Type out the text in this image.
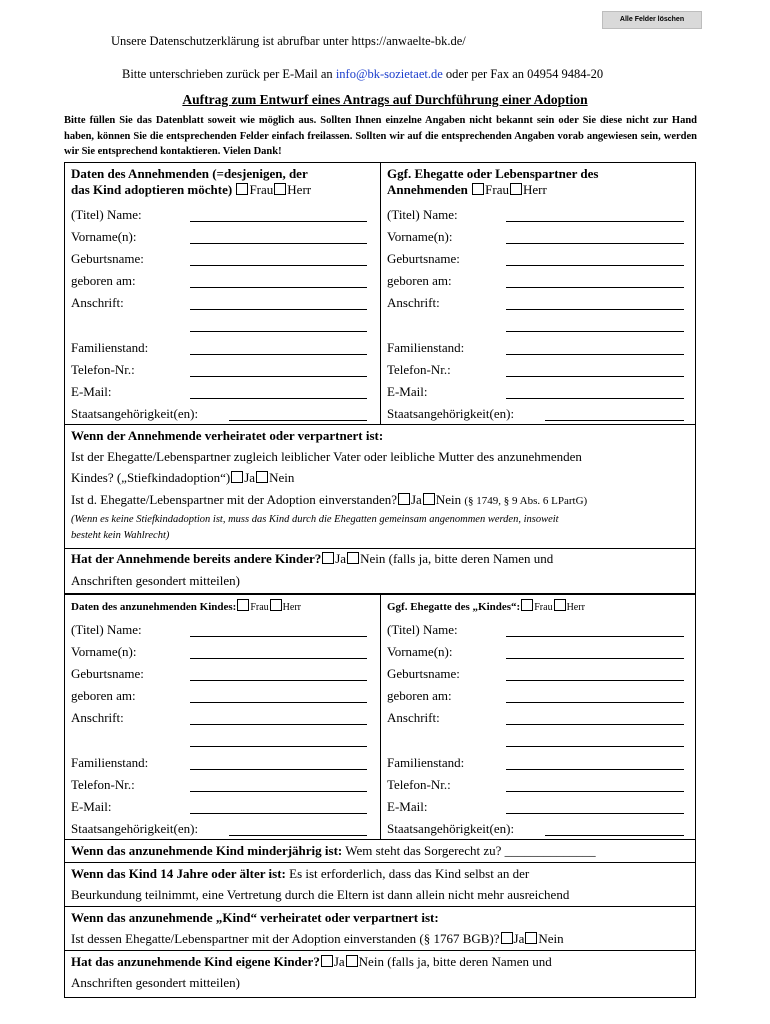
Alle Felder löschen
Unsere Datenschutzerklärung ist abrufbar unter https://anwaelte-bk.de/
Bitte unterschrieben zurück per E-Mail an info@bk-sozietaet.de oder per Fax an 04954 9484-20
Auftrag zum Entwurf eines Antrags auf Durchführung einer Adoption
Bitte füllen Sie das Datenblatt soweit wie möglich aus. Sollten Ihnen einzelne Angaben nicht bekannt sein oder Sie diese nicht zur Hand haben, können Sie die entsprechenden Felder einfach freilassen. Sollten wir auf die entsprechenden Angaben vorab angewiesen sein, werden wir Sie entsprechend kontaktieren. Vielen Dank!
Daten des Annehmenden (=desjenigen, der
das Kind adoptieren möchte) Frau Herr
Ggf. Ehegatte oder Lebenspartner des
Annehmenden Frau Herr
(Titel) Name:
Vorname(n):
Geburtsname:
geboren am:
Anschrift:
Familienstand:
Telefon-Nr.:
E-Mail:
Staatsangehörigkeit(en):
(Titel) Name:
Vorname(n):
Geburtsname:
geboren am:
Anschrift:
Familienstand:
Telefon-Nr.:
E-Mail:
Staatsangehörigkeit(en):
Wenn der Annehmende verheiratet oder verpartnert ist:
Ist der Ehegatte/Lebenspartner zugleich leiblicher Vater oder leibliche Mutter des anzunehmenden
Kindes? („Stiefkindadoption“) Ja Nein
Ist d. Ehegatte/Lebenspartner mit der Adoption einverstanden? Ja Nein (§ 1749, § 9 Abs. 6 LPartG)
(Wenn es keine Stiefkindadoption ist, muss das Kind durch die Ehegatten gemeinsam angenommen werden, insoweit
besteht kein Wahlrecht)
Hat der Annehmende bereits andere Kinder? Ja Nein (falls ja, bitte deren Namen und
Anschriften gesondert mitteilen)
Daten des anzunehmenden Kindes: Frau Herr	Ggf. Ehegatte des „Kindes“: Frau Herr
(Titel) Name:
Vorname(n):
Geburtsname:
geboren am:
Anschrift:
Familienstand:
Telefon-Nr.:
E-Mail:
Staatsangehörigkeit(en):
(Titel) Name:
Vorname(n):
Geburtsname:
geboren am:
Anschrift:
Familienstand:
Telefon-Nr.:
E-Mail:
Staatsangehörigkeit(en):
Wenn das anzunehmende Kind minderjährig ist: Wem steht das Sorgerecht zu? ______________
Wenn das Kind 14 Jahre oder älter ist: Es ist erforderlich, dass das Kind selbst an der
Beurkundung teilnimmt, eine Vertretung durch die Eltern ist dann allein nicht mehr ausreichend
Wenn das anzunehmende „Kind“ verheiratet oder verpartnert ist:
Ist dessen Ehegatte/Lebenspartner mit der Adoption einverstanden (§ 1767 BGB)? Ja Nein
Hat das anzunehmende Kind eigene Kinder? Ja Nein (falls ja, bitte deren Namen und
Anschriften gesondert mitteilen)
